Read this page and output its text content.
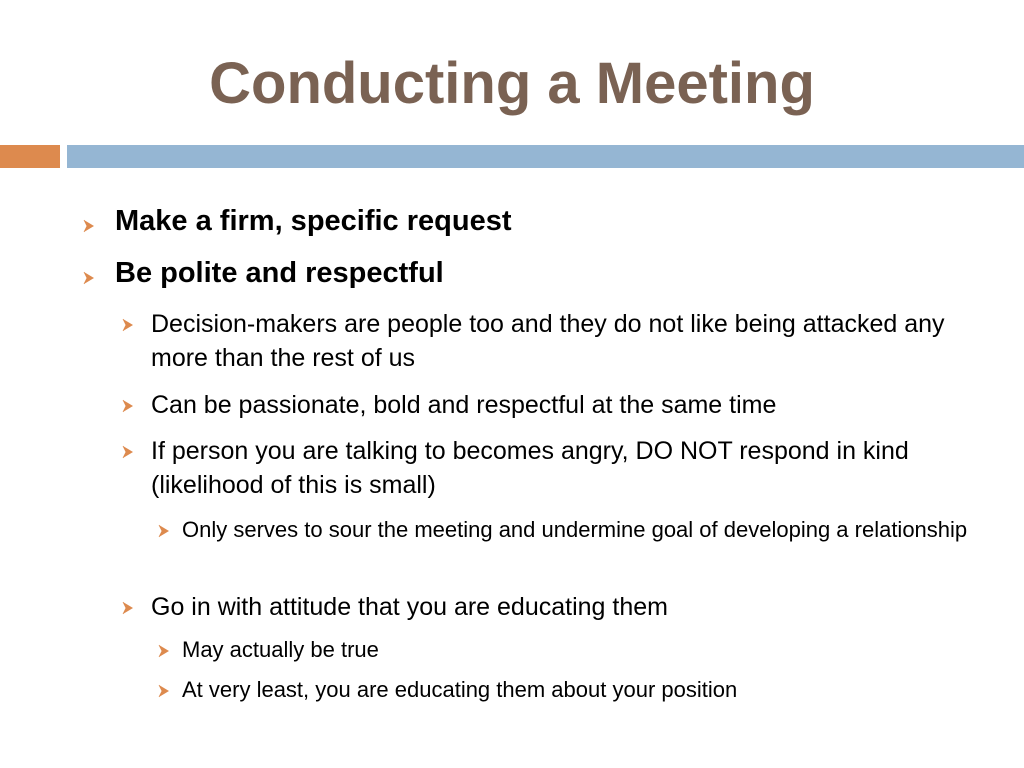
Conducting a Meeting
Make a firm, specific request
Be polite and respectful
Decision-makers are people too and they do not like being attacked any more than the rest of us
Can be passionate, bold and respectful at the same time
If person you are talking to becomes angry, DO NOT respond in kind (likelihood of this is small)
Only serves to sour the meeting and undermine goal of developing a relationship
Go in with attitude that you are educating them
May actually be true
At very least, you are educating them about your position
